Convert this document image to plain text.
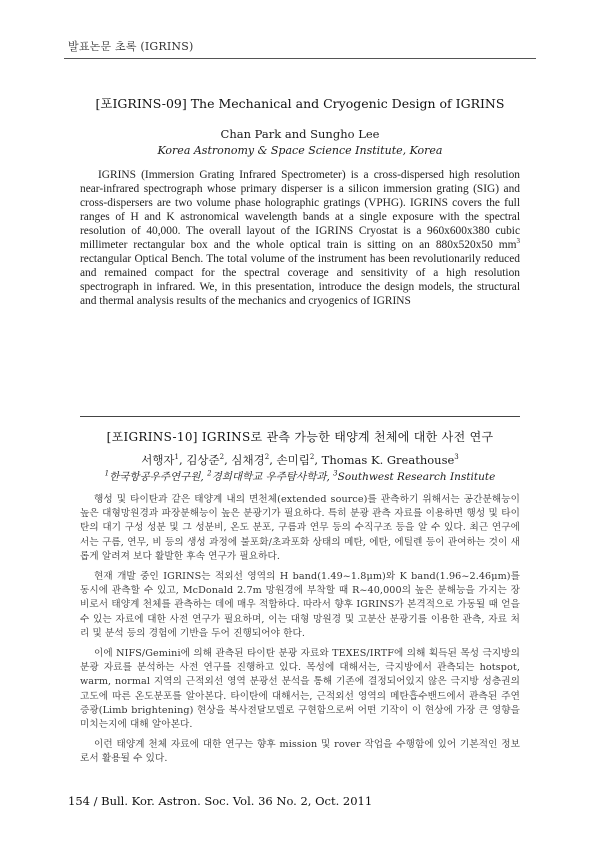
발표논문 초록 (IGRINS)
[포IGRINS-09] The Mechanical and Cryogenic Design of IGRINS
Chan Park and Sungho Lee
Korea Astronomy & Space Science Institute, Korea
IGRINS (Immersion Grating Infrared Spectrometer) is a cross-dispersed high resolution near-infrared spectrograph whose primary disperser is a silicon immersion grating (SIG) and cross-dispersers are two volume phase holographic gratings (VPHG). IGRINS covers the full ranges of H and K astronomical wavelength bands at a single exposure with the spectral resolution of 40,000. The overall layout of the IGRINS Cryostat is a 960x600x380 cubic millimeter rectangular box and the whole optical train is sitting on an 880x520x50 $mm^3$ rectangular Optical Bench. The total volume of the instrument has been revolutionarily reduced and remained compact for the spectral coverage and sensitivity of a high resolution spectrograph in infrared. We, in this presentation, introduce the design models, the structural and thermal analysis results of the mechanics and cryogenics of IGRINS
[포IGRINS-10] IGRINS로 관측 가능한 태양계 천체에 대한 사전 연구
서행자$^1$, 김상준$^2$, 심채경$^2$, 손미림$^2$, Thomas K. Greathouse$^3$
$^1$한국항공우주연구원, $^2$경희대학교 우주탐사학과, $^3$Southwest Research Institute

행성 및 타이탄과 같은 태양계 내의 면천체(extended source)를 관측하기 위해서는 공간분해능이 높은 대형망원경과 파장분해능이 높은 분광기가 필요하다. 특히 분광 관측 자료를 이용하면 행성 및 타이탄의 대기 구성 성분 및 그 성분비, 온도 분포, 구름과 연무 등의 수직구조 등을 알 수 있다. 최근 연구에서는 구름, 연무, 비 등의 생성 과정에 불포화/초과포화 상태의 메탄, 에탄, 에틸렌 등이 관여하는 것이 새롭게 알려져 보다 활발한 후속 연구가 필요하다.

현재 개발 중인 IGRINS는 적외선 영역의 H band(1.49~1.8μm)와 K band(1.96~2.46μm)를 동시에 관측할 수 있고, McDonald 2.7m 망원경에 부착할 때 R~40,000의 높은 분해능을 가지는 장비로서 태양계 천체를 관측하는 데에 매우 적합하다. 따라서 향후 IGRINS가 본격적으로 가동될 때 얻을 수 있는 자료에 대한 사전 연구가 필요하며, 이는 대형 망원경 및 고분산 분광기를 이용한 관측, 자료 처리 및 분석 등의 경험에 기반을 두어 진행되어야 한다.

이에 NIFS/Gemini에 의해 관측된 타이탄 분광 자료와 TEXES/IRTF에 의해 획득된 목성 극지방의 분광 자료를 분석하는 사전 연구를 진행하고 있다. 목성에 대해서는, 극지방에서 관측되는 hotspot, warm, normal 지역의 근적외선 영역 분광선 분석을 통해 기존에 결정되어있지 않은 극지방 성층권의 고도에 따른 온도분포를 알아본다. 타이탄에 대해서는, 근적외선 영역의 메탄흡수밴드에서 관측된 주연증광(Limb brightening) 현상을 복사전달모델로 구현함으로써 어떤 기작이 이 현상에 가장 큰 영향을 미치는지에 대해 알아본다.

이런 태양계 천체 자료에 대한 연구는 향후 mission 및 rover 작업을 수행함에 있어 기본적인 정보로서 활용될 수 있다.

154 / Bull. Kor. Astron. Soc. Vol. 36 No. 2, Oct. 2011
